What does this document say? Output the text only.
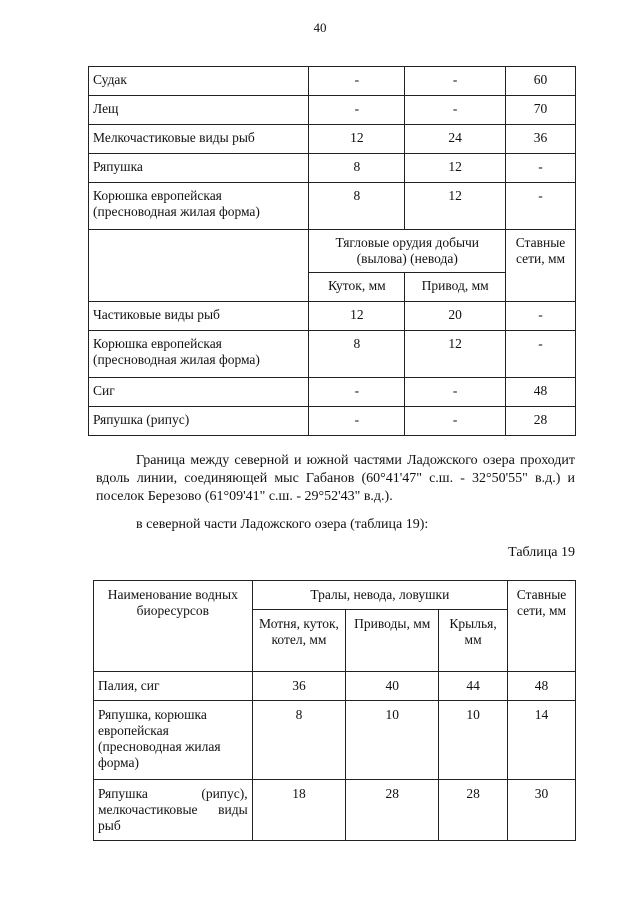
40
Судак	-	-	60
Лещ	-	-	70
Мелкочастиковые виды рыб	12	24	36
Ряпушка	8	12	-
Корюшка европейская (пресноводная жилая форма)	8	12	-
	Тягловые орудия добычи (вылова) (невода)		Ставные сети, мм
	Куток, мм	Привод, мм	
Частиковые виды рыб	12	20	-
Корюшка европейская (пресноводная жилая форма)	8	12	-
Сиг	-	-	48
Ряпушка (рипус)	-	-	28

Граница между северной и южной частями Ладожского озера проходит вдоль линии, соединяющей мыс Габанов (60°41'47" с.ш. - 32°50'55" в.д.) и поселок Березово (61°09'41" с.ш. - 29°52'43" в.д.).

в северной части Ладожского озера (таблица 19):

Таблица 19
Наименование водных биоресурсов	Тралы, невода, ловушки			Ставные сети, мм
	Мотня, куток, котел, мм	Приводы, мм	Крылья, мм	
Палия, сиг	36	40	44	48
Ряпушка, корюшка европейская (пресноводная жилая форма)	8	10	10	14
Ряпушка (рипус), мелкочастиковые виды рыб	18	28	28	30
